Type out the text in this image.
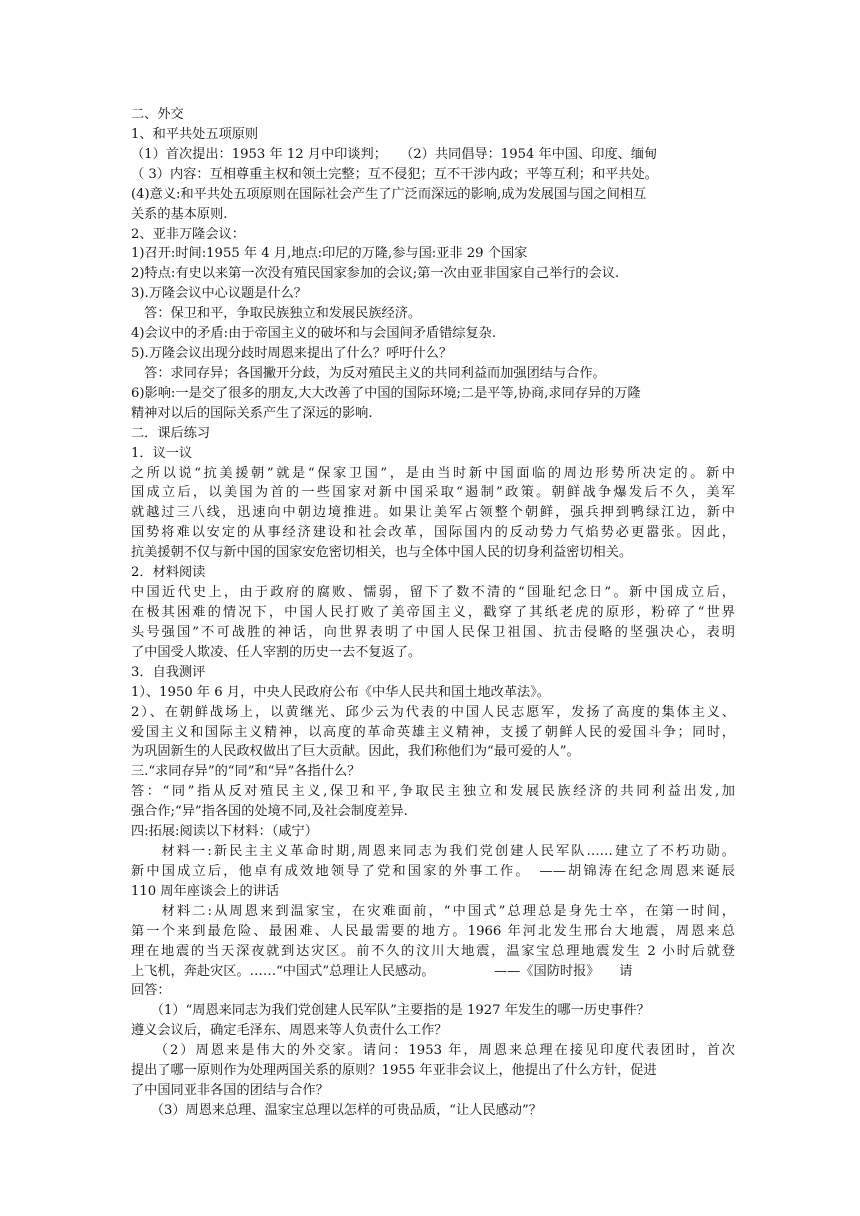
二、外交
1、和平共处五项原则
（1）首次提出：1953 年 12 月中印谈判；　　（2）共同倡导：1954 年中国、印度、缅甸
（ 3）内容：互相尊重主权和领土完整；互不侵犯；互不干涉内政；平等互利；和平共处。
(4)意义:和平共处五项原则在国际社会产生了广泛而深远的影响,成为发展国与国之间相互
关系的基本原则.
2、亚非万隆会议：
1)召开:时间:1955 年 4 月,地点:印尼的万隆,参与国:亚非 29 个国家
2)特点:有史以来第一次没有殖民国家参加的会议;第一次由亚非国家自己举行的会议.
3).万隆会议中心议题是什么？
　答：保卫和平，争取民族独立和发展民族经济。
4)会议中的矛盾:由于帝国主义的破坏和与会国间矛盾错综复杂.
5).万隆会议出现分歧时周恩来提出了什么？呼吁什么？
　答：求同存异；各国撇开分歧，为反对殖民主义的共同利益而加强团结与合作。
6)影响:一是交了很多的朋友,大大改善了中国的国际环境;二是平等,协商,求同存异的万隆
精神对以后的国际关系产生了深远的影响.
二．课后练习
1．议一议
之所以说“抗美援朝”就是“保家卫国”，是由当时新中国面临的周边形势所决定的。新中
国成立后，以美国为首的一些国家对新中国采取“遏制”政策。朝鲜战争爆发后不久，美军
就越过三八线，迅速向中朝边境推进。如果让美军占领整个朝鲜，强兵押到鸭绿江边，新中
国势将难以安定的从事经济建设和社会改革，国际国内的反动势力气焰势必更嚣张。因此，
抗美援朝不仅与新中国的国家安危密切相关，也与全体中国人民的切身利益密切相关。
2．材料阅读
中国近代史上，由于政府的腐败、懦弱，留下了数不清的“国耻纪念日”。新中国成立后，
在极其困难的情况下，中国人民打败了美帝国主义，戳穿了其纸老虎的原形，粉碎了“世界
头号强国”不可战胜的神话，向世界表明了中国人民保卫祖国、抗击侵略的坚强决心，表明
了中国受人欺凌、任人宰割的历史一去不复返了。
3．自我测评
1）、1950 年 6 月，中央人民政府公布《中华人民共和国土地改革法》。
2）、在朝鲜战场上，以黄继光、邱少云为代表的中国人民志愿军，发扬了高度的集体主义、
爱国主义和国际主义精神，以高度的革命英雄主义精神，支援了朝鲜人民的爱国斗争；同时，
为巩固新生的人民政权做出了巨大贡献。因此，我们称他们为“最可爱的人”。
三.“求同存异”的“同”和“异”各指什么？
答：“同”指从反对殖民主义,保卫和平,争取民主独立和发展民族经济的共同利益出发,加
强合作;“异”指各国的处境不同,及社会制度差异.
四:拓展:阅读以下材料：（咸宁）
　　材料一:新民主主义革命时期,周恩来同志为我们党创建人民军队……建立了不朽功勋。
新中国成立后，他卓有成效地领导了党和国家的外事工作。　——胡锦涛在纪念周恩来诞辰
110 周年座谈会上的讲话
　　材料二:从周恩来到温家宝，在灾难面前，“中国式”总理总是身先士卒，在第一时间，
第一个来到最危险、最困难、人民最需要的地方。1966 年河北发生邢台大地震，周恩来总
理在地震的当天深夜就到达灾区。前不久的汶川大地震，温家宝总理地震发生 2 小时后就登
上飞机，奔赴灾区。……“中国式”总理让人民感动。　　　　　——《国防时报》　　请
回答：
　　（1）“周恩来同志为我们党创建人民军队”主要指的是 1927 年发生的哪一历史事件？
遵义会议后，确定毛泽东、周恩来等人负责什么工作？
　　（2）周恩来是伟大的外交家。请问：1953 年，周恩来总理在接见印度代表团时，首次
提出了哪一原则作为处理两国关系的原则？1955 年亚非会议上，他提出了什么方针，促进
了中国同亚非各国的团结与合作？
　　（3）周恩来总理、温家宝总理以怎样的可贵品质，“让人民感动”？
